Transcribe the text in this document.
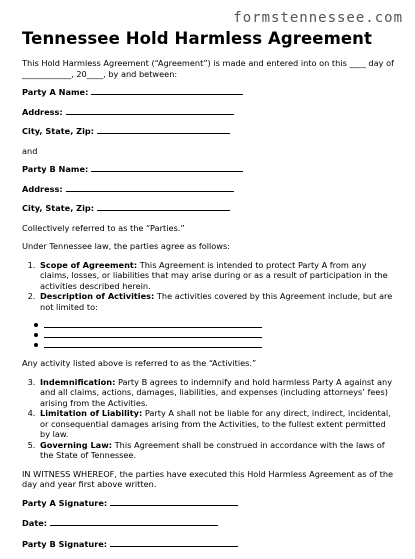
formstennessee.com
Tennessee Hold Harmless Agreement

This Hold Harmless Agreement (“Agreement”) is made and entered into on this ____ day of ____________, 20____, by and between:

Party A Name:
Address:
City, State, Zip:

and

Party B Name:
Address:
City, State, Zip:

Collectively referred to as the “Parties.”

Under Tennessee law, the parties agree as follows:

1. Scope of Agreement: This Agreement is intended to protect Party A from any claims, losses, or liabilities that may arise during or as a result of participation in the activities described herein.
2. Description of Activities: The activities covered by this Agreement include, but are not limited to:

Any activity listed above is referred to as the “Activities.”

3. Indemnification: Party B agrees to indemnify and hold harmless Party A against any and all claims, actions, damages, liabilities, and expenses (including attorneys’ fees) arising from the Activities.
4. Limitation of Liability: Party A shall not be liable for any direct, indirect, incidental, or consequential damages arising from the Activities, to the fullest extent permitted by law.
5. Governing Law: This Agreement shall be construed in accordance with the laws of the State of Tennessee.

IN WITNESS WHEREOF, the parties have executed this Hold Harmless Agreement as of the day and year first above written.

Party A Signature:
Date:
Party B Signature:
